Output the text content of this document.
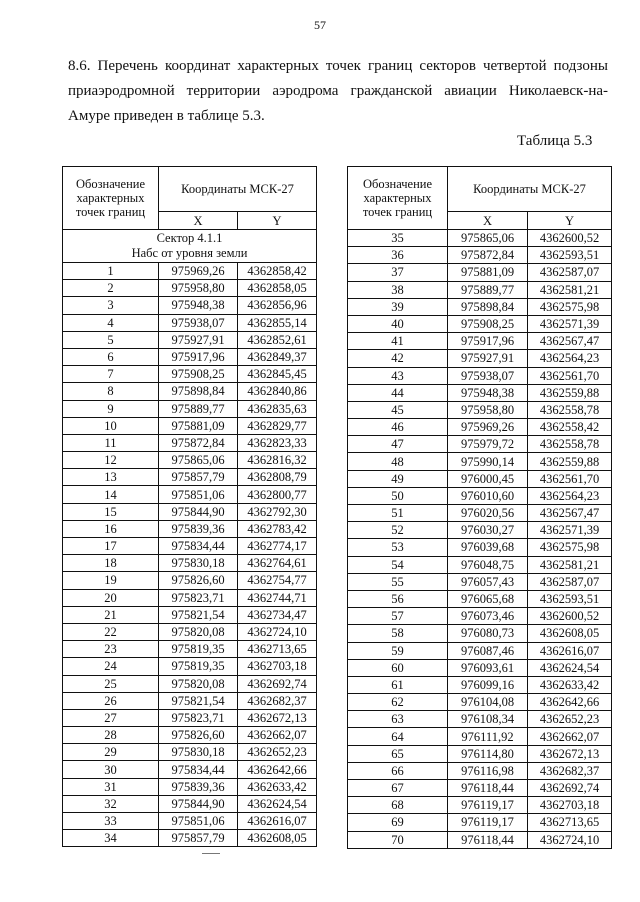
57

8.6. Перечень координат характерных точек границ секторов четвертой подзоны приаэродромной территории аэродрома гражданской авиации Николаевск-на-Амуре приведен в таблице 5.3.

Таблица 5.3
Обозначение характерных точек границ	Координаты МСК-27	
	X	Y

Сектор 4.1.1
Набс от уровня земли		

1	975969,26	4362858,42
2	975958,80	4362858,05
3	975948,38	4362856,96
4	975938,07	4362855,14
5	975927,91	4362852,61
6	975917,96	4362849,37
7	975908,25	4362845,45
8	975898,84	4362840,86
9	975889,77	4362835,63
10	975881,09	4362829,77
11	975872,84	4362823,33
12	975865,06	4362816,32
13	975857,79	4362808,79
14	975851,06	4362800,77
15	975844,90	4362792,30
16	975839,36	4362783,42
17	975834,44	4362774,17
18	975830,18	4362764,61
19	975826,60	4362754,77
20	975823,71	4362744,71
21	975821,54	4362734,47
22	975820,08	4362724,10
23	975819,35	4362713,65
24	975819,35	4362703,18
25	975820,08	4362692,74
26	975821,54	4362682,37
27	975823,71	4362672,13
28	975826,60	4362662,07
29	975830,18	4362652,23
30	975834,44	4362642,66
31	975839,36	4362633,42
32	975844,90	4362624,54
33	975851,06	4362616,07
34	975857,79	4362608,05
Обозначение характерных точек границ	Координаты МСК-27	
	X	Y
35	975865,06	4362600,52
36	975872,84	4362593,51
37	975881,09	4362587,07
38	975889,77	4362581,21
39	975898,84	4362575,98
40	975908,25	4362571,39
41	975917,96	4362567,47
42	975927,91	4362564,23
43	975938,07	4362561,70
44	975948,38	4362559,88
45	975958,80	4362558,78
46	975969,26	4362558,42
47	975979,72	4362558,78
48	975990,14	4362559,88
49	976000,45	4362561,70
50	976010,60	4362564,23
51	976020,56	4362567,47
52	976030,27	4362571,39
53	976039,68	4362575,98
54	976048,75	4362581,21
55	976057,43	4362587,07
56	976065,68	4362593,51
57	976073,46	4362600,52
58	976080,73	4362608,05
59	976087,46	4362616,07
60	976093,61	4362624,54
61	976099,16	4362633,42
62	976104,08	4362642,66
63	976108,34	4362652,23
64	976111,92	4362662,07
65	976114,80	4362672,13
66	976116,98	4362682,37
67	976118,44	4362692,74
68	976119,17	4362703,18
69	976119,17	4362713,65
70	976118,44	4362724,10
